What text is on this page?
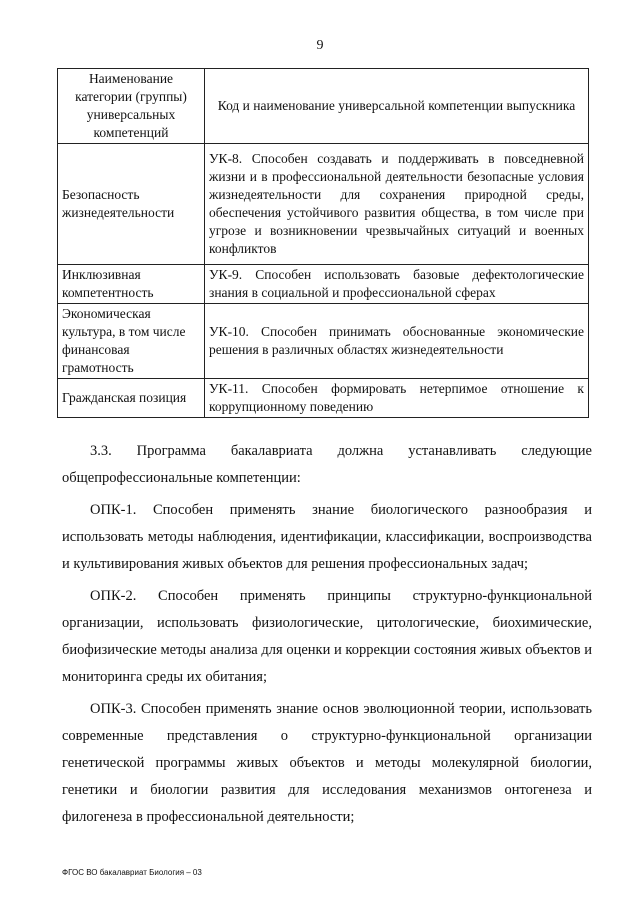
9
Наименование категории (группы) универсальных компетенций	Код и наименование универсальной компетенции выпускника
Безопасность жизнедеятельности	УК-8. Способен создавать и поддерживать в повседневной жизни и в профессиональной деятельности безопасные условия жизнедеятельности для сохранения природной среды, обеспечения устойчивого развития общества, в том числе при угрозе и возникновении чрезвычайных ситуаций и военных конфликтов
Инклюзивная компетентность	УК-9. Способен использовать базовые дефектологические знания в социальной и профессиональной сферах
Экономическая культура, в том числе финансовая грамотность	УК-10. Способен принимать обоснованные экономические решения в различных областях жизнедеятельности
Гражданская позиция	УК-11. Способен формировать нетерпимое отношение к коррупционному поведению

3.3. Программа бакалавриата должна устанавливать следующие общепрофессиональные компетенции:

ОПК-1. Способен применять знание биологического разнообразия и использовать методы наблюдения, идентификации, классификации, воспроизводства и культивирования живых объектов для решения профессиональных задач;

ОПК-2. Способен применять принципы структурно-функциональной организации, использовать физиологические, цитологические, биохимические, биофизические методы анализа для оценки и коррекции состояния живых объектов и мониторинга среды их обитания;

ОПК-3. Способен применять знание основ эволюционной теории, использовать современные представления о структурно-функциональной организации генетической программы живых объектов и методы молекулярной биологии, генетики и биологии развития для исследования механизмов онтогенеза и филогенеза в профессиональной деятельности;

ФГОС ВО бакалавриат Биология – 03
